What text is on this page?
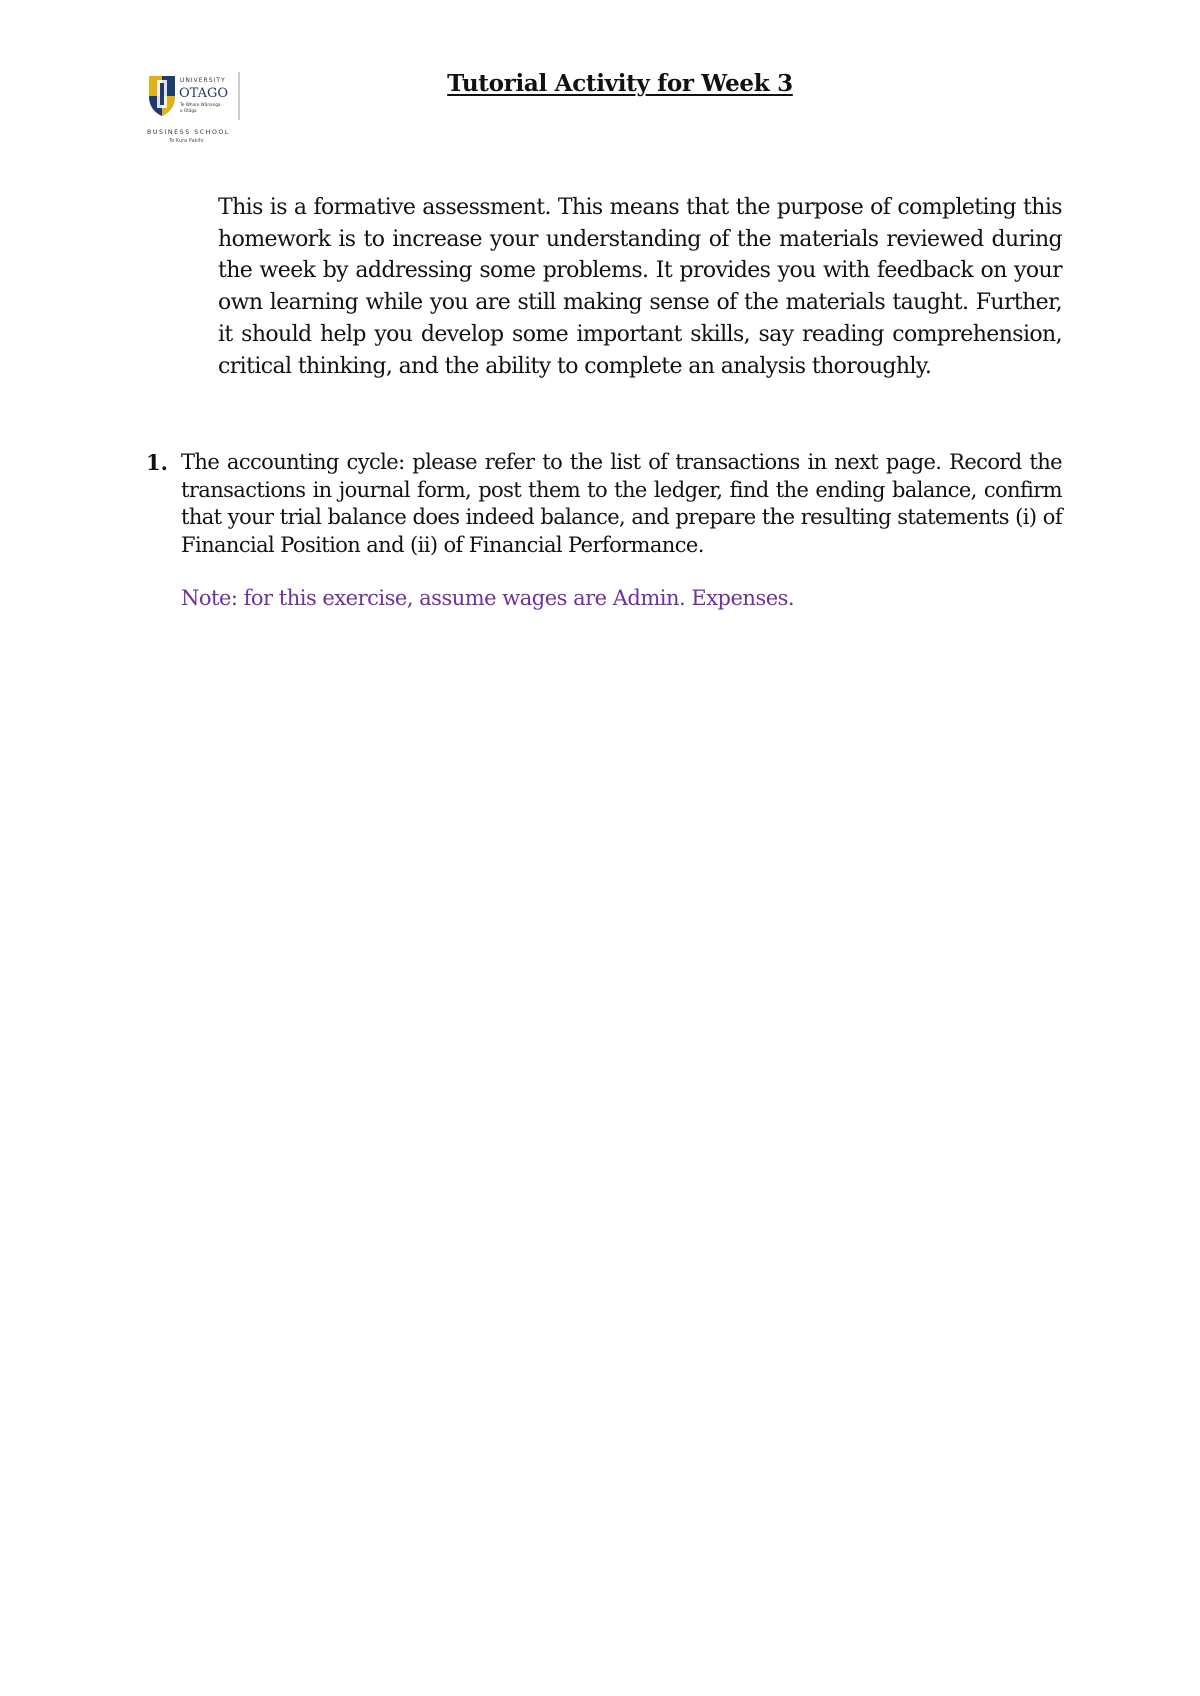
UNIVERSITY
OTAGO
Te Whare Wānanga
o Otāgo
BUSINESS SCHOOL
Te Kura Pakihi
Tutorial Activity for Week 3

This is a formative assessment. This means that the purpose of completing this homework is to increase your understanding of the materials reviewed during the week by addressing some problems. It provides you with feedback on your own learning while you are still making sense of the materials taught. Further, it should help you develop some important skills, say reading comprehension, critical thinking, and the ability to complete an analysis thoroughly.

1. The accounting cycle: please refer to the list of transactions in next page. Record the transactions in journal form, post them to the ledger, find the ending balance, confirm that your trial balance does indeed balance, and prepare the resulting statements (i) of Financial Position and (ii) of Financial Performance.

Note: for this exercise, assume wages are Admin. Expenses.
